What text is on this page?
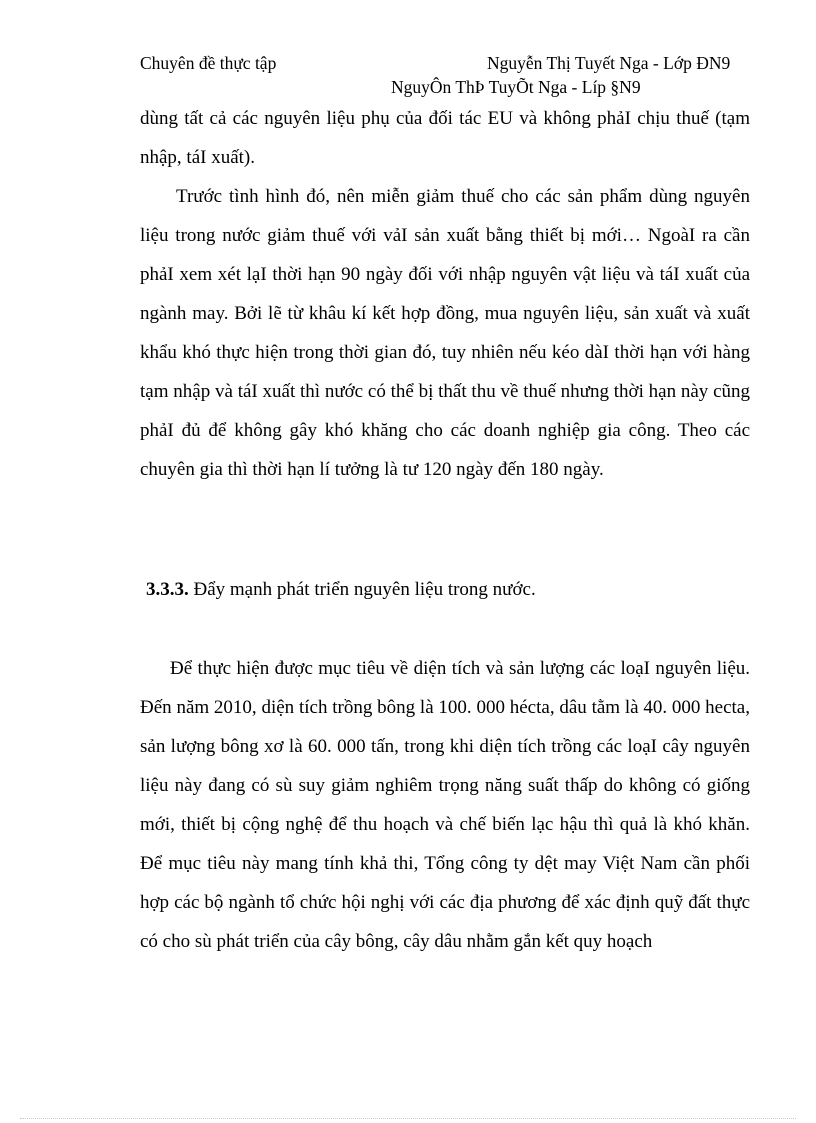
Chuyên đề thực tập	Nguyễn Thị Tuyết Nga - Lớp ĐN9
NguyÔn ThÞ TuyÕt Nga - Líp §N9

dùng tất cả các nguyên liệu phụ của đối tác EU và không phảI chịu thuế (tạm nhập, táI xuất).

Trước tình hình đó, nên miễn giảm thuế cho các sản phẩm dùng nguyên liệu trong nước giảm thuế với vảI sản xuất bằng thiết bị mới… NgoàI ra cần phảI xem xét lạI thời hạn 90 ngày đối với nhập nguyên vật liệu và táI xuất của ngành may. Bởi lẽ từ khâu kí kết hợp đồng, mua nguyên liệu, sản xuất và xuất khẩu khó thực hiện trong thời gian đó, tuy nhiên nếu kéo dàI thời hạn với hàng tạm nhập và táI xuất thì nước có thể bị thất thu về thuế nhưng thời hạn này cũng phảI đủ để không gây khó khăng cho các doanh nghiệp gia công. Theo các chuyên gia thì thời hạn lí tưởng là tư 120 ngày đến 180 ngày.

3.3.3. Đẩy mạnh phát triển nguyên liệu trong nước.

Để thực hiện được mục tiêu về diện tích và sản lượng các loạI nguyên liệu. Đến năm 2010, diện tích trồng bông là 100. 000 hécta, dâu tằm là 40. 000 hecta, sản lượng bông xơ là 60. 000 tấn, trong khi diện tích trồng các loạI cây nguyên liệu này đang có sù suy giảm nghiêm trọng năng suất thấp do không có giống mới, thiết bị cộng nghệ để thu hoạch và chế biến lạc hậu thì quả là khó khăn. Để mục tiêu này mang tính khả thi, Tổng công ty dệt may Việt Nam cần phối hợp các bộ ngành tổ chức hội nghị với các địa phương để xác định quỹ đất thực có cho sù phát triển của cây bông, cây dâu nhằm gắn kết quy hoạch
